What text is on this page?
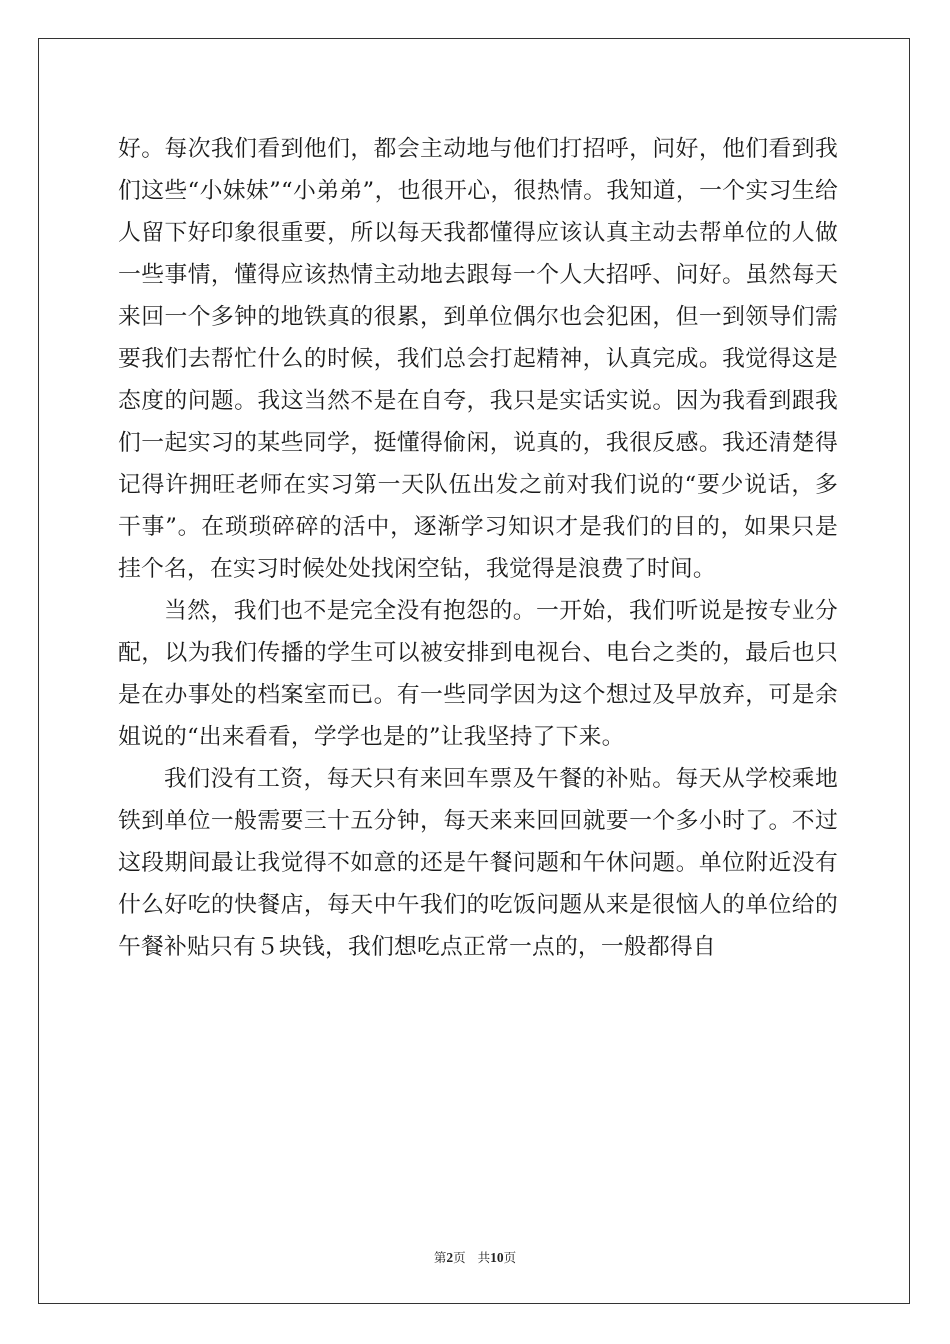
好。每次我们看到他们，都会主动地与他们打招呼，问好，他们看到我们这些“小妹妹”“小弟弟”，也很开心，很热情。我知道，一个实习生给人留下好印象很重要，所以每天我都懂得应该认真主动去帮单位的人做一些事情，懂得应该热情主动地去跟每一个人大招呼、问好。虽然每天来回一个多钟的地铁真的很累，到单位偶尔也会犯困，但一到领导们需要我们去帮忙什么的时候，我们总会打起精神，认真完成。我觉得这是态度的问题。我这当然不是在自夸，我只是实话实说。因为我看到跟我们一起实习的某些同学，挺懂得偷闲，说真的，我很反感。我还清楚得记得许拥旺老师在实习第一天队伍出发之前对我们说的“要少说话，多干事”。在琐琐碎碎的活中，逐渐学习知识才是我们的目的，如果只是挂个名，在实习时候处处找闲空钻，我觉得是浪费了时间。

当然，我们也不是完全没有抱怨的。一开始，我们听说是按专业分配，以为我们传播的学生可以被安排到电视台、电台之类的，最后也只是在办事处的档案室而已。有一些同学因为这个想过及早放弃，可是余姐说的“出来看看，学学也是的”让我坚持了下来。

我们没有工资，每天只有来回车票及午餐的补贴。每天从学校乘地铁到单位一般需要三十五分钟，每天来来回回就要一个多小时了。不过这段期间最让我觉得不如意的还是午餐问题和午休问题。单位附近没有什么好吃的快餐店，每天中午我们的吃饭问题从来是很恼人的单位给的午餐补贴只有５块钱，我们想吃点正常一点的，一般都得自

第2页 共10页
